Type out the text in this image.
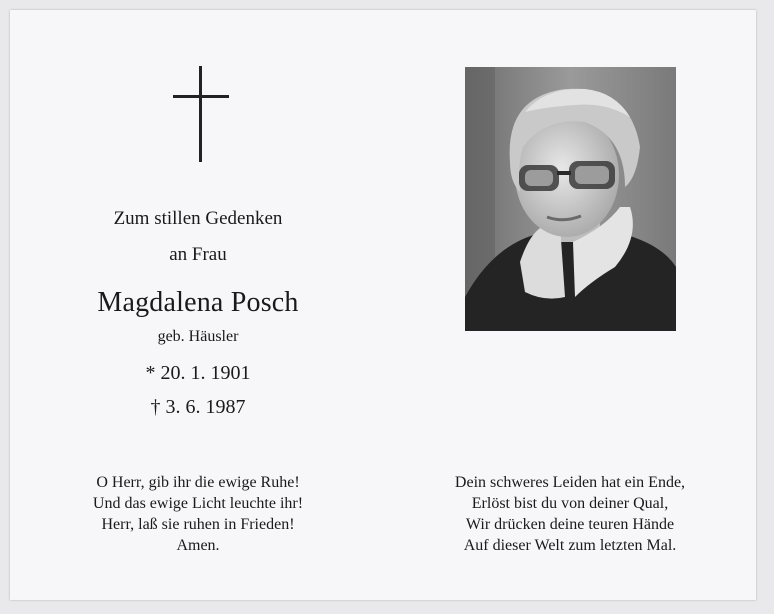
Zum stillen Gedenken
an Frau
Magdalena Posch
geb. Häusler
* 20. 1. 1901
† 3. 6. 1987
O Herr, gib ihr die ewige Ruhe!
Und das ewige Licht leuchte ihr!
Herr, laß sie ruhen in Frieden!
Amen.
Dein schweres Leiden hat ein Ende,
Erlöst bist du von deiner Qual,
Wir drücken deine teuren Hände
Auf dieser Welt zum letzten Mal.
